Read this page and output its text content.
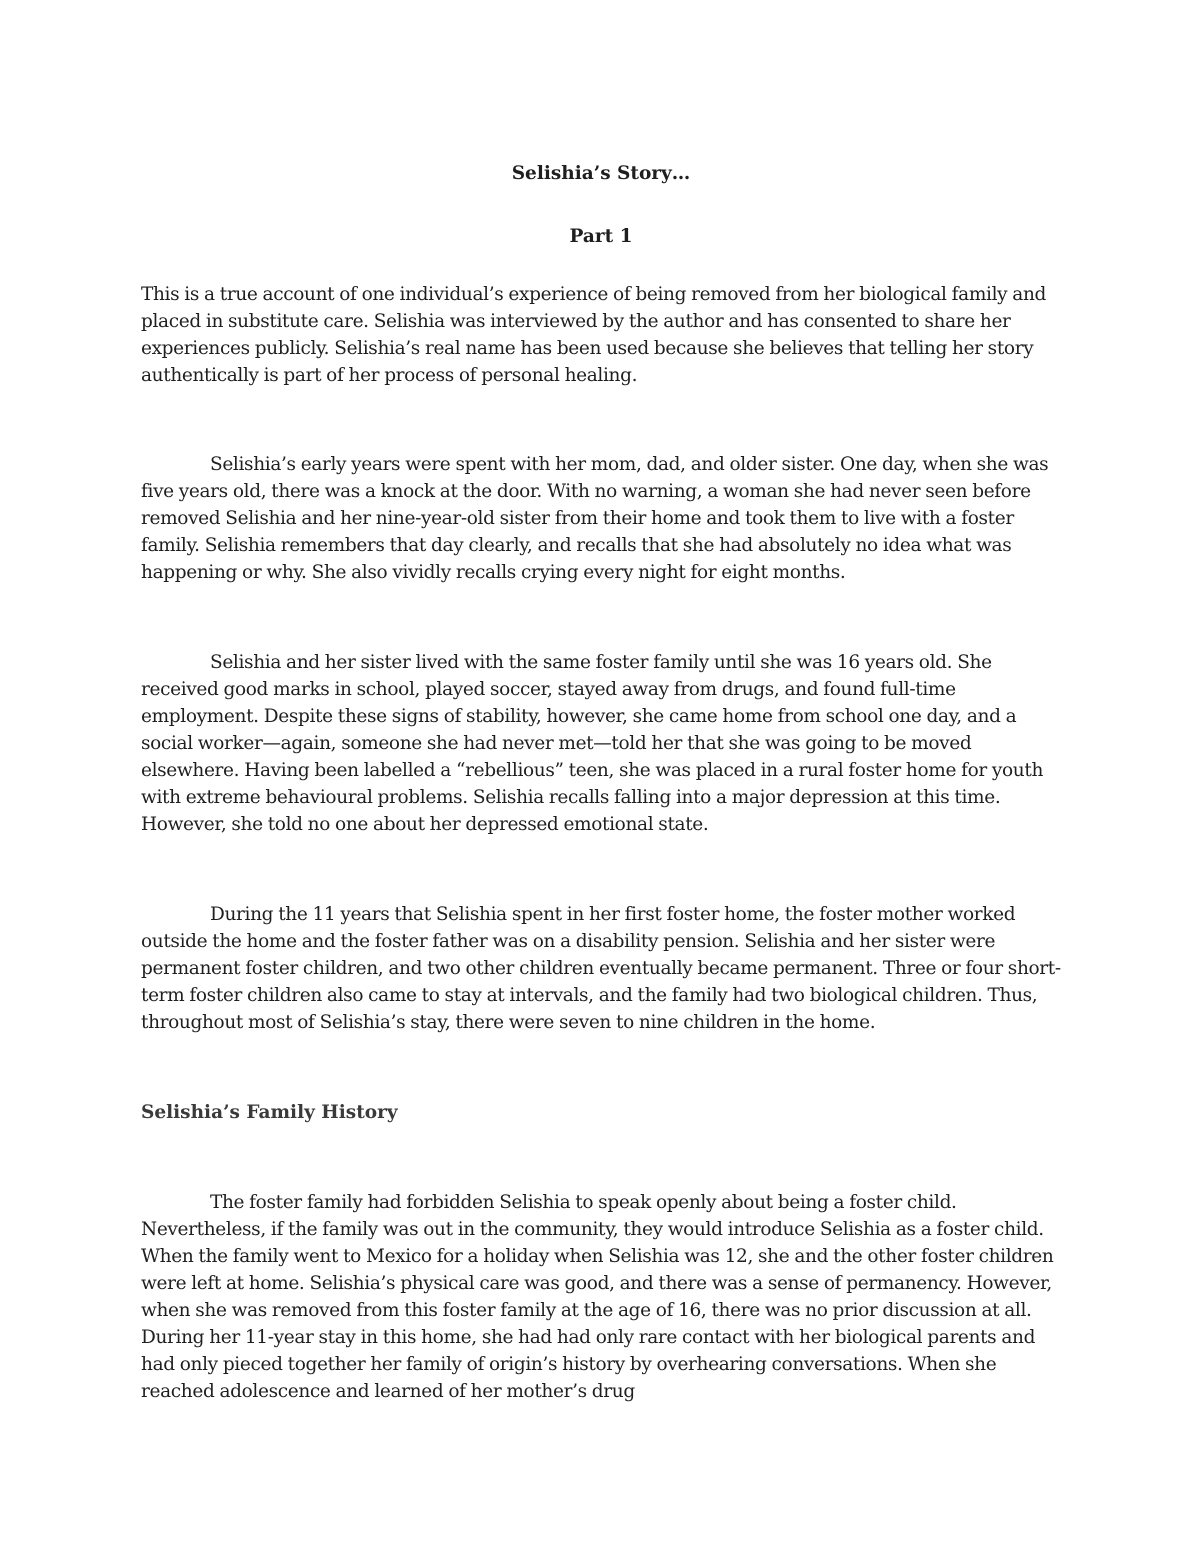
Selishia’s Story…
Part 1

This is a true account of one individual’s experience of being removed from her biological family and placed in substitute care. Selishia was interviewed by the author and has consented to share her experiences publicly. Selishia’s real name has been used because she believes that telling her story authentically is part of her process of personal healing.

Selishia’s early years were spent with her mom, dad, and older sister. One day, when she was five years old, there was a knock at the door. With no warning, a woman she had never seen before removed Selishia and her nine-year-old sister from their home and took them to live with a foster family. Selishia remembers that day clearly, and recalls that she had absolutely no idea what was happening or why. She also vividly recalls crying every night for eight months.

Selishia and her sister lived with the same foster family until she was 16 years old. She received good marks in school, played soccer, stayed away from drugs, and found full-time employment. Despite these signs of stability, however, she came home from school one day, and a social worker—again, someone she had never met—told her that she was going to be moved elsewhere. Having been labelled a “rebellious” teen, she was placed in a rural foster home for youth with extreme behavioural problems. Selishia recalls falling into a major depression at this time. However, she told no one about her depressed emotional state.

During the 11 years that Selishia spent in her first foster home, the foster mother worked outside the home and the foster father was on a disability pension. Selishia and her sister were permanent foster children, and two other children eventually became permanent. Three or four short-term foster children also came to stay at intervals, and the family had two biological children. Thus, throughout most of Selishia’s stay, there were seven to nine children in the home.

Selishia’s Family History

The foster family had forbidden Selishia to speak openly about being a foster child. Nevertheless, if the family was out in the community, they would introduce Selishia as a foster child. When the family went to Mexico for a holiday when Selishia was 12, she and the other foster children were left at home. Selishia’s physical care was good, and there was a sense of permanency. However, when she was removed from this foster family at the age of 16, there was no prior discussion at all. During her 11-year stay in this home, she had had only rare contact with her biological parents and had only pieced together her family of origin’s history by overhearing conversations. When she reached adolescence and learned of her mother’s drug
